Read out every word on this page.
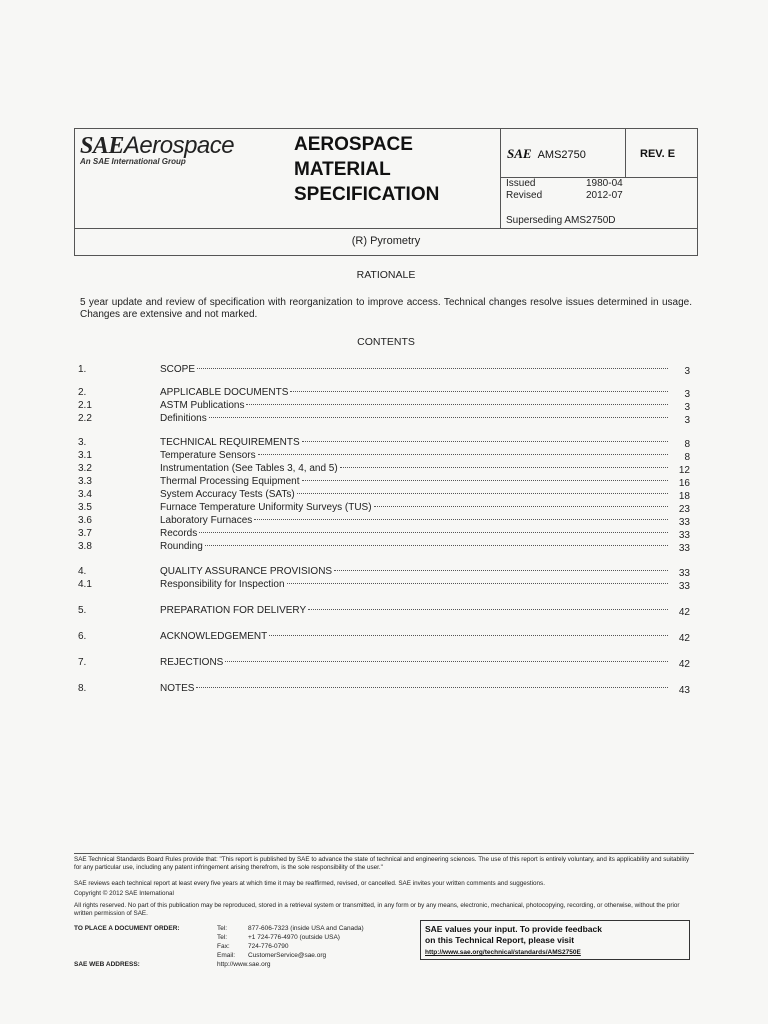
SAEAerospace
An SAE International Group
AEROSPACE
MATERIAL
SPECIFICATION
SAE AMS2750	REV. E
Issued	1980-04
Revised	2012-07
Superseding AMS2750D
(R) Pyrometry
RATIONALE
5 year update and review of specification with reorganization to improve access. Technical changes resolve issues determined in usage. Changes are extensive and not marked.
CONTENTS
1.	SCOPE	3
2.	APPLICABLE DOCUMENTS	3
2.1	ASTM Publications	3
2.2	Definitions	3
3.	TECHNICAL REQUIREMENTS	8
3.1	Temperature Sensors	8
3.2	Instrumentation (See Tables 3, 4, and 5)	12
3.3	Thermal Processing Equipment	16
3.4	System Accuracy Tests (SATs)	18
3.5	Furnace Temperature Uniformity Surveys (TUS)	23
3.6	Laboratory Furnaces	33
3.7	Records	33
3.8	Rounding	33
4.	QUALITY ASSURANCE PROVISIONS	33
4.1	Responsibility for Inspection	33
5.	PREPARATION FOR DELIVERY	42
6.	ACKNOWLEDGEMENT	42
7.	REJECTIONS	42
8.	NOTES	43
SAE Technical Standards Board Rules provide that: "This report is published by SAE to advance the state of technical and engineering sciences. The use of this report is entirely voluntary, and its applicability and suitability for any particular use, including any patent infringement arising therefrom, is the sole responsibility of the user."
SAE reviews each technical report at least every five years at which time it may be reaffirmed, revised, or cancelled. SAE invites your written comments and suggestions.
Copyright © 2012 SAE International
All rights reserved. No part of this publication may be reproduced, stored in a retrieval system or transmitted, in any form or by any means, electronic, mechanical, photocopying, recording, or otherwise, without the prior written permission of SAE.
TO PLACE A DOCUMENT ORDER:	Tel:	877-606-7323 (inside USA and Canada)
Tel:	+1 724-776-4970 (outside USA)
Fax:	724-776-0790
Email: CustomerService@sae.org
SAE WEB ADDRESS:	http://www.sae.org
SAE values your input. To provide feedback
on this Technical Report, please visit
http://www.sae.org/technical/standards/AMS2750E
